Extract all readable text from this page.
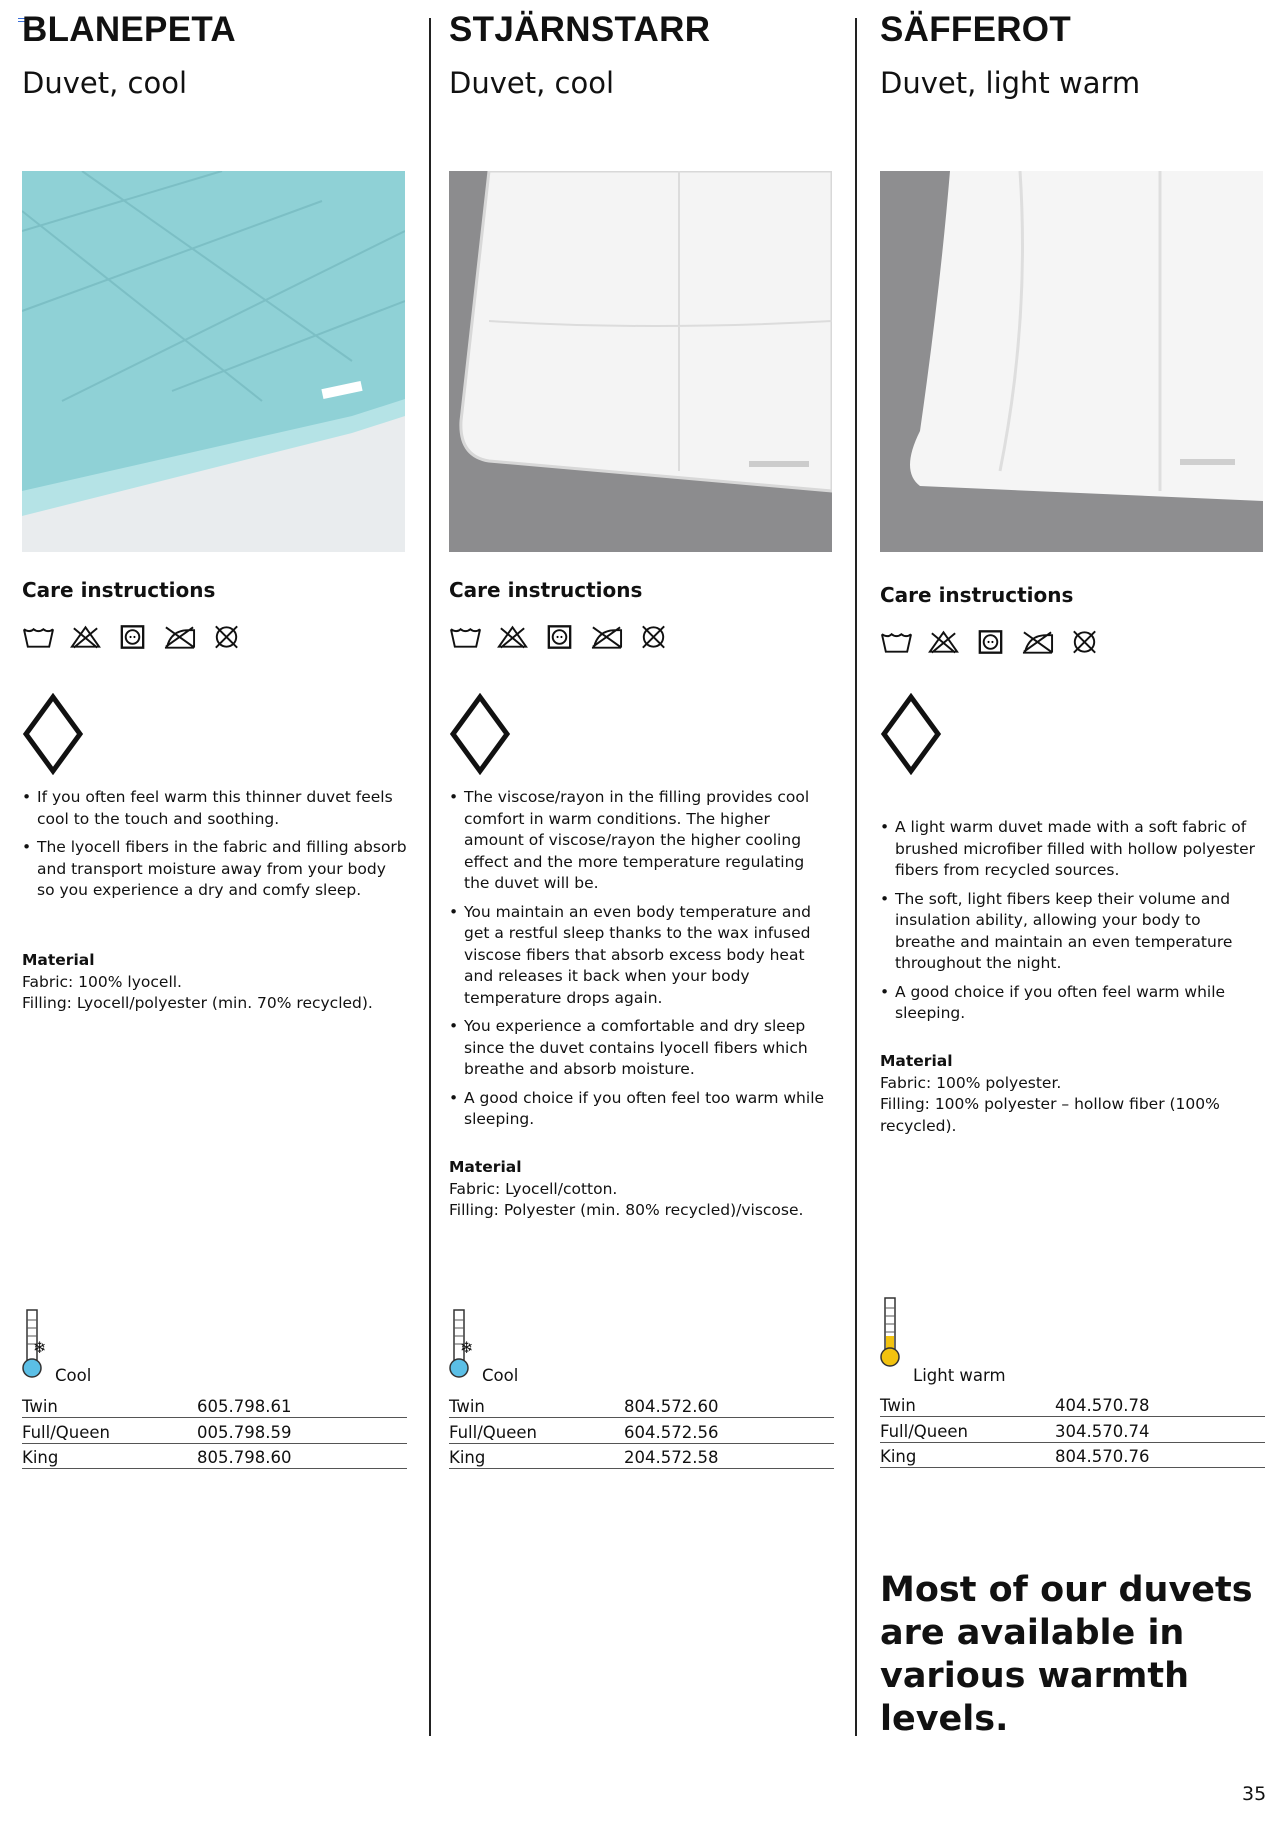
BLANEPETA
Duvet, cool
Care instructions
• If you often feel warm this thinner duvet feels cool to the touch and soothing.
• The lyocell fibers in the fabric and filling absorb and transport moisture away from your body so you experience a dry and comfy sleep.
Material
Fabric: 100% lyocell.
Filling: Lyocell/polyester (min. 70% recycled).
❄
Cool
Twin	605.798.61
Full/Queen	005.798.59
King	805.798.60
STJÄRNSTARR
Duvet, cool
Care instructions
• The viscose/rayon in the filling provides cool comfort in warm conditions. The higher amount of viscose/rayon the higher cooling effect and the more temperature regulating the duvet will be.
• You maintain an even body temperature and get a restful sleep thanks to the wax infused viscose fibers that absorb excess body heat and releases it back when your body temperature drops again.
• You experience a comfortable and dry sleep since the duvet contains lyocell fibers which breathe and absorb moisture.
• A good choice if you often feel too warm while sleeping.
Material
Fabric: Lyocell/cotton.
Filling: Polyester (min. 80% recycled)/viscose.
❄
Cool
Twin	804.572.60
Full/Queen	604.572.56
King	204.572.58
SÄFFEROT
Duvet, light warm
Care instructions
• A light warm duvet made with a soft fabric of brushed microfiber filled with hollow polyester fibers from recycled sources.
• The soft, light fibers keep their volume and insulation ability, allowing your body to breathe and maintain an even temperature throughout the night.
• A good choice if you often feel warm while sleeping.
Material
Fabric: 100% polyester.
Filling: 100% polyester – hollow fiber (100% recycled).
Light warm
Twin	404.570.78
Full/Queen	304.570.74
King	804.570.76
Most of our duvets are available in various warmth levels.
35
